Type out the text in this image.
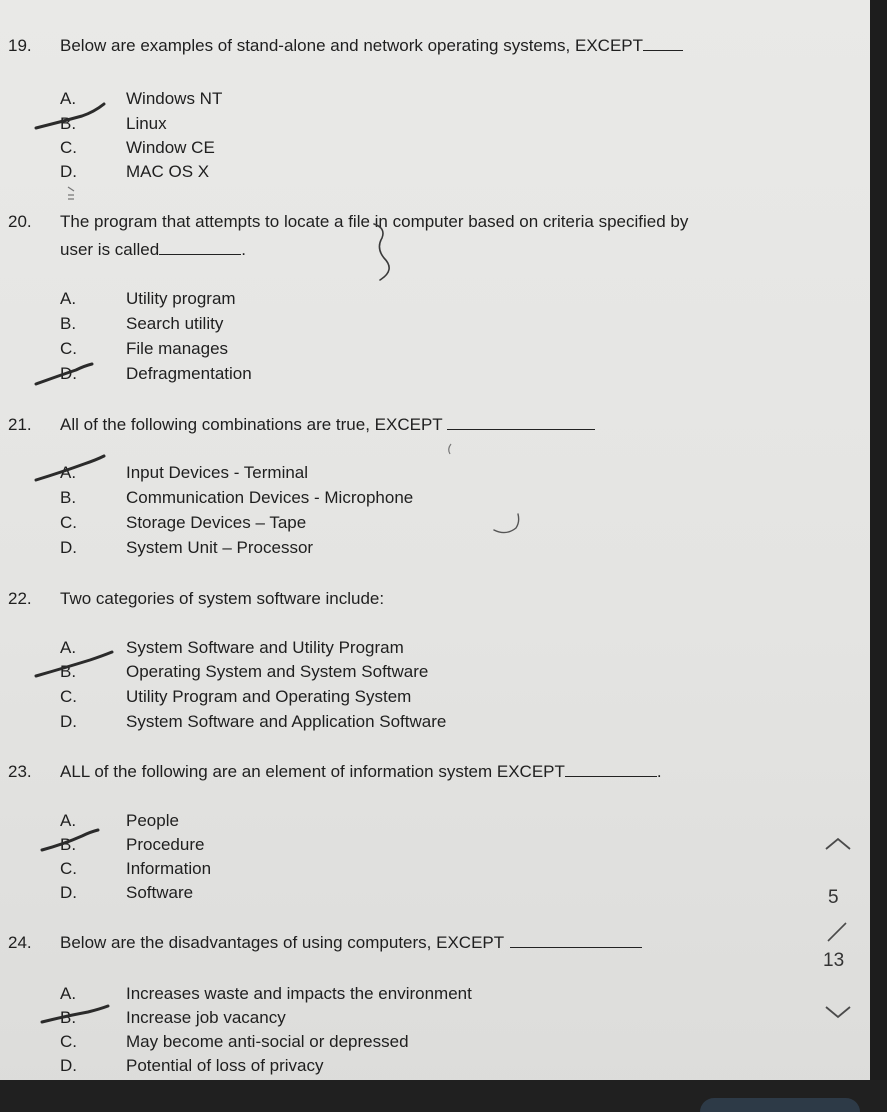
19. Below are examples of stand-alone and network operating systems, EXCEPT
A.	Windows NT
B.	Linux
C.	Window CE
D.	MAC OS X
20. The program that attempts to locate a file in computer based on criteria specified by
user is called	.
A.	Utility program
B.	Search utility
C.	File manages
D.	Defragmentation
21. All of the following combinations are true, EXCEPT
A.	Input Devices - Terminal
B.	Communication Devices - Microphone
C.	Storage Devices – Tape
D.	System Unit – Processor
22. Two categories of system software include:
A.	System Software and Utility Program
B.	Operating System and System Software
C.	Utility Program and Operating System
D.	System Software and Application Software
23. ALL of the following are an element of information system EXCEPT	.
A.	People
B.	Procedure
C.	Information
D.	Software
24. Below are the disadvantages of using computers, EXCEPT
A.	Increases waste and impacts the environment
B.	Increase job vacancy
C.	May become anti-social or depressed
D.	Potential of loss of privacy
5
13
